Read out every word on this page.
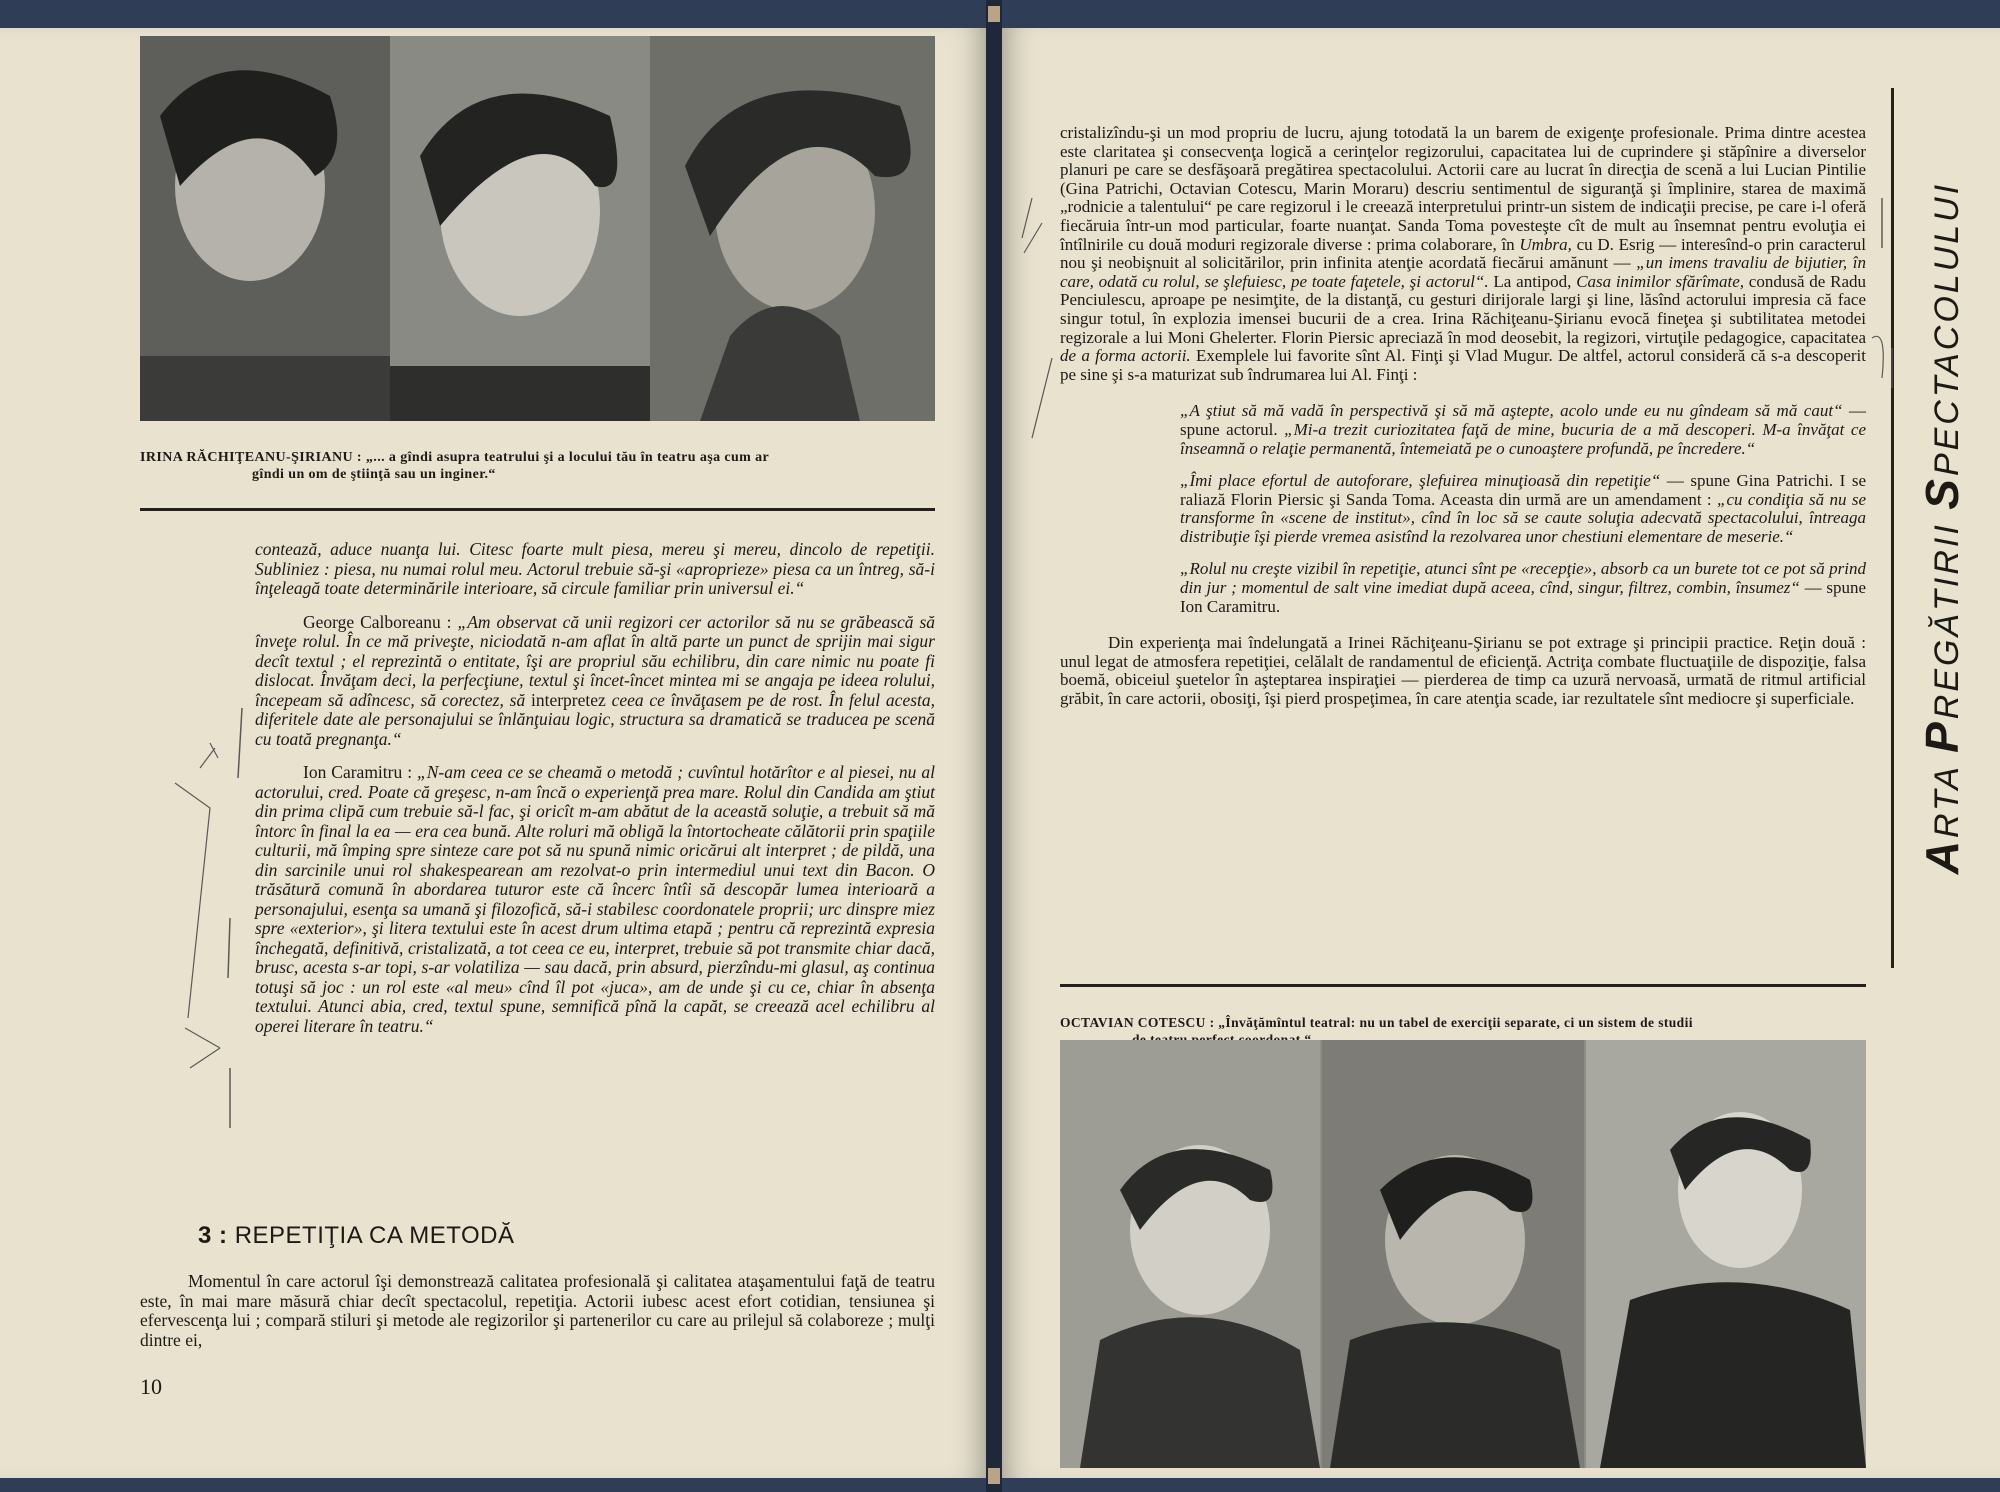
IRINA RĂCHIŢEANU-ŞIRIANU : „... a gîndi asupra teatrului şi a locului tău în teatru aşa cum ar
gîndi un om de ştiinţă sau un inginer.“

contează, aduce nuanţa lui. Citesc foarte mult piesa, mereu şi mereu, dincolo de repetiţii. Subliniez : piesa, nu numai rolul meu. Actorul trebuie să-şi «apropriеze» piesa ca un întreg, să-i înţeleagă toate determinările interioare, să circule familiar prin universul ei.“

George Calboreanu : „Am observat că unii regizori cer actorilor să nu se grăbească să înveţe rolul. În ce mă priveşte, niciodată n-am aflat în altă parte un punct de sprijin mai sigur decît textul ; el reprezintă o entitate, îşi are propriul său echilibru, din care nimic nu poate fi dislocat. Învăţam deci, la perfecţiune, textul şi încet-încet mintea mi se angaja pe ideea rolului, începeam să adîncesc, să corectez, să interpretez ceea ce învăţasem pe de rost. În felul acesta, diferitele date ale personajului se înlănţuiau logic, structura sa dramatică se traducea pe scenă cu toată pregnanţa.“

Ion Caramitru : „N-am ceea ce se cheamă o metodă ; cuvîntul hotărîtor e al piesei, nu al actorului, cred. Poate că greşesc, n-am încă o experienţă prea mare. Rolul din Candida am ştiut din prima clipă cum trebuie să-l fac, şi oricît m-am abătut de la această soluţie, a trebuit să mă întorc în final la ea — era cea bună. Alte roluri mă obligă la întortocheate călătorii prin spaţiile culturii, mă împing spre sinteze care pot să nu spună nimic oricărui alt interpret ; de pildă, una din sarcinile unui rol shakespearean am rezolvat-o prin intermediul unui text din Bacon. O trăsătură comună în abordarea tuturor este că încerc întîi să descopăr lumea interioară a personajului, esenţa sa umană şi filozofică, să-i stabilesc coordonatele proprii; urc dinspre miez spre «exterior», şi litera textului este în acest drum ultima etapă ; pentru că reprezintă expresia închegată, definitivă, cristalizată, a tot ceea ce eu, interpret, trebuie să pot transmite chiar dacă, brusc, acesta s-ar topi, s-ar volatiliza — sau dacă, prin absurd, pierzîndu-mi glasul, aş continua totuşi să joc : un rol este «al meu» cînd îl pot «juca», am de unde şi cu ce, chiar în absenţa textului. Atunci abia, cred, textul spune, semnifică pînă la capăt, se creează acel echilibru al operei literare în teatru.“

3 : REPETIŢIA CA METODĂ

Momentul în care actorul îşi demonstrează calitatea profesională şi calitatea ataşamentului faţă de teatru este, în mai mare măsură chiar decît spectacolul, repetiţia. Actorii iubesc acest efort cotidian, tensiunea şi efervescenţa lui ; compară stiluri şi metode ale regizorilor şi partenerilor cu care au prilejul să colaboreze ; mulţi dintre ei,

10

cristalizîndu-şi un mod propriu de lucru, ajung totodată la un barem de exigenţe profesionale. Prima dintre acestea este claritatea şi consecvenţa logică a cerinţelor regizorului, capacitatea lui de cuprindere şi stăpînire a diverselor planuri pe care se desfăşoară pregătirea spectacolului. Actorii care au lucrat în direcţia de scenă a lui Lucian Pintilie (Gina Patrichi, Octavian Cotescu, Marin Moraru) descriu sentimentul de siguranţă şi împlinire, starea de maximă „rodnicie a talentului“ pe care regizorul i le creează interpretului printr-un sistem de indicaţii precise, pe care i-l oferă fiecăruia într-un mod particular, foarte nuanţat. Sanda Toma povesteşte cît de mult au însemnat pentru evoluţia ei întîlnirile cu două moduri regizorale diverse : prima colaborare, în Umbra, cu D. Esrig — interesînd-o prin caracterul nou şi neobişnuit al solicitărilor, prin infinita atenţie acordată fiecărui amănunt — „un imens travaliu de bijutier, în care, odată cu rolul, se şlefuiesc, pe toate faţetele, şi actorul“. La antipod, Casa inimilor sfărîmate, condusă de Radu Penciulescu, aproape pe nesimţite, de la distanţă, cu gesturi diriјorale largi şi line, lăsînd actorului impresia că face singur totul, în explozia imensei bucurii de a crea. Irina Răchiţeanu-Şirianu evocă fineţea şi subtilitatea metodei regizorale a lui Moni Ghelerter. Florin Piersic apreciază în mod deosebit, la regizori, virtuţile pedagogice, capacitatea de a forma actorii. Exemplele lui favorite sînt Al. Finţi şi Vlad Mugur. De altfel, actorul consideră că s-a descoperit pe sine şi s-a maturizat sub îndrumarea lui Al. Finţi :

„A ştiut să mă vadă în perspectivă şi să mă aştepte, acolo unde eu nu gîndeam să mă caut“ — spune actorul. „Mi-a trezit curiozitatea faţă de mine, bucuria de a mă descoperi. M-a învăţat ce înseamnă o relaţie permanentă, întemeiată pe o cunoaştere profundă, pe încredere.“

„Îmi place efortul de autoforare, şlefuirea minuţioasă din repetiţie“ — spune Gina Patrichi. I se raliază Florin Piersic şi Sanda Toma. Aceasta din urmă are un amendament : „cu condiţia să nu se transforme în «scene de institut», cînd în loc să se caute soluţia adecvată spectacolului, întreaga distribuţie îşi pierde vremea asistînd la rezolvarea unor chestiuni elementare de meserie.“

„Rolul nu creşte vizibil în repetiţie, atunci sînt pe «recepţie», absorb ca un burete tot ce pot să prind din jur ; momentul de salt vine imediat după aceea, cînd, singur, filtrez, combin, însumez“ — spune Ion Caramitru.

Din experienţa mai îndelungată a Irinei Răchiţeanu-Şirianu se pot extrage şi principii practice. Reţin două : unul legat de atmosfera repetiţiei, celălalt de randamentul de eficienţă. Actriţa combate fluctuaţiile de dispoziţie, falsa boemă, obiceiul şuetelor în aşteptarea inspiraţiei — pierderea de timp ca uzură nervoasă, urmată de ritmul artificial grăbit, în care actorii, obosiţi, îşi pierd prospeţimea, în care atenţia scade, iar rezultatele sînt mediocre şi superficiale.

OCTAVIAN COTESCU : „Învăţămîntul teatral: nu un tabel de exerciţii separate, ci un sistem de studii

ARTA PREGĂTIRII SPECTACOLULUI
